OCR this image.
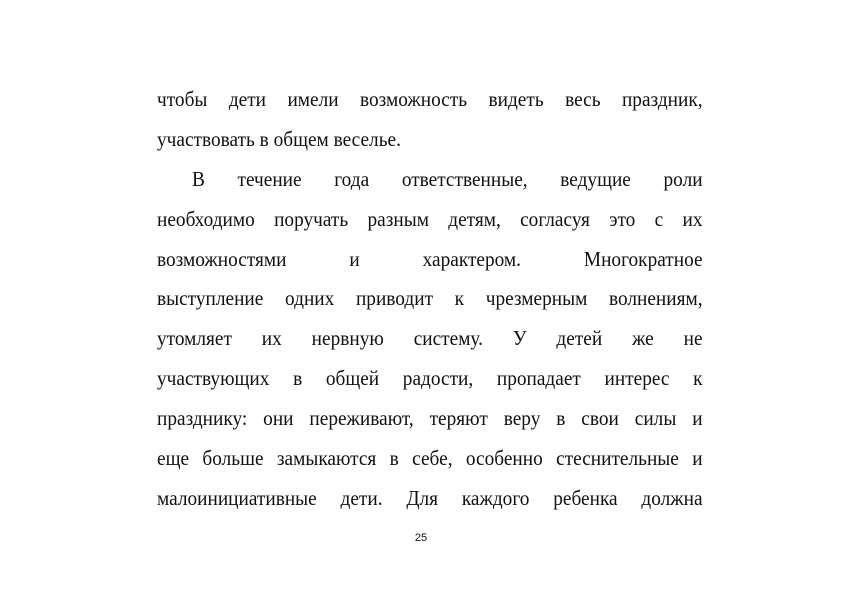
чтобы дети имели возможность видеть весь праздник,
участвовать в общем веселье.
В течение года ответственные, ведущие роли
необходимо поручать разным детям, согласуя это с их
возможностями и характером. Многократное
выступление одних приводит к чрезмерным волнениям,
утомляет их нервную систему. У детей же не
участвующих в общей радости, пропадает интерес к
празднику: они переживают, теряют веру в свои силы и
еще больше замыкаются в себе, особенно стеснительные и
малоинициативные дети. Для каждого ребенка должна
25
